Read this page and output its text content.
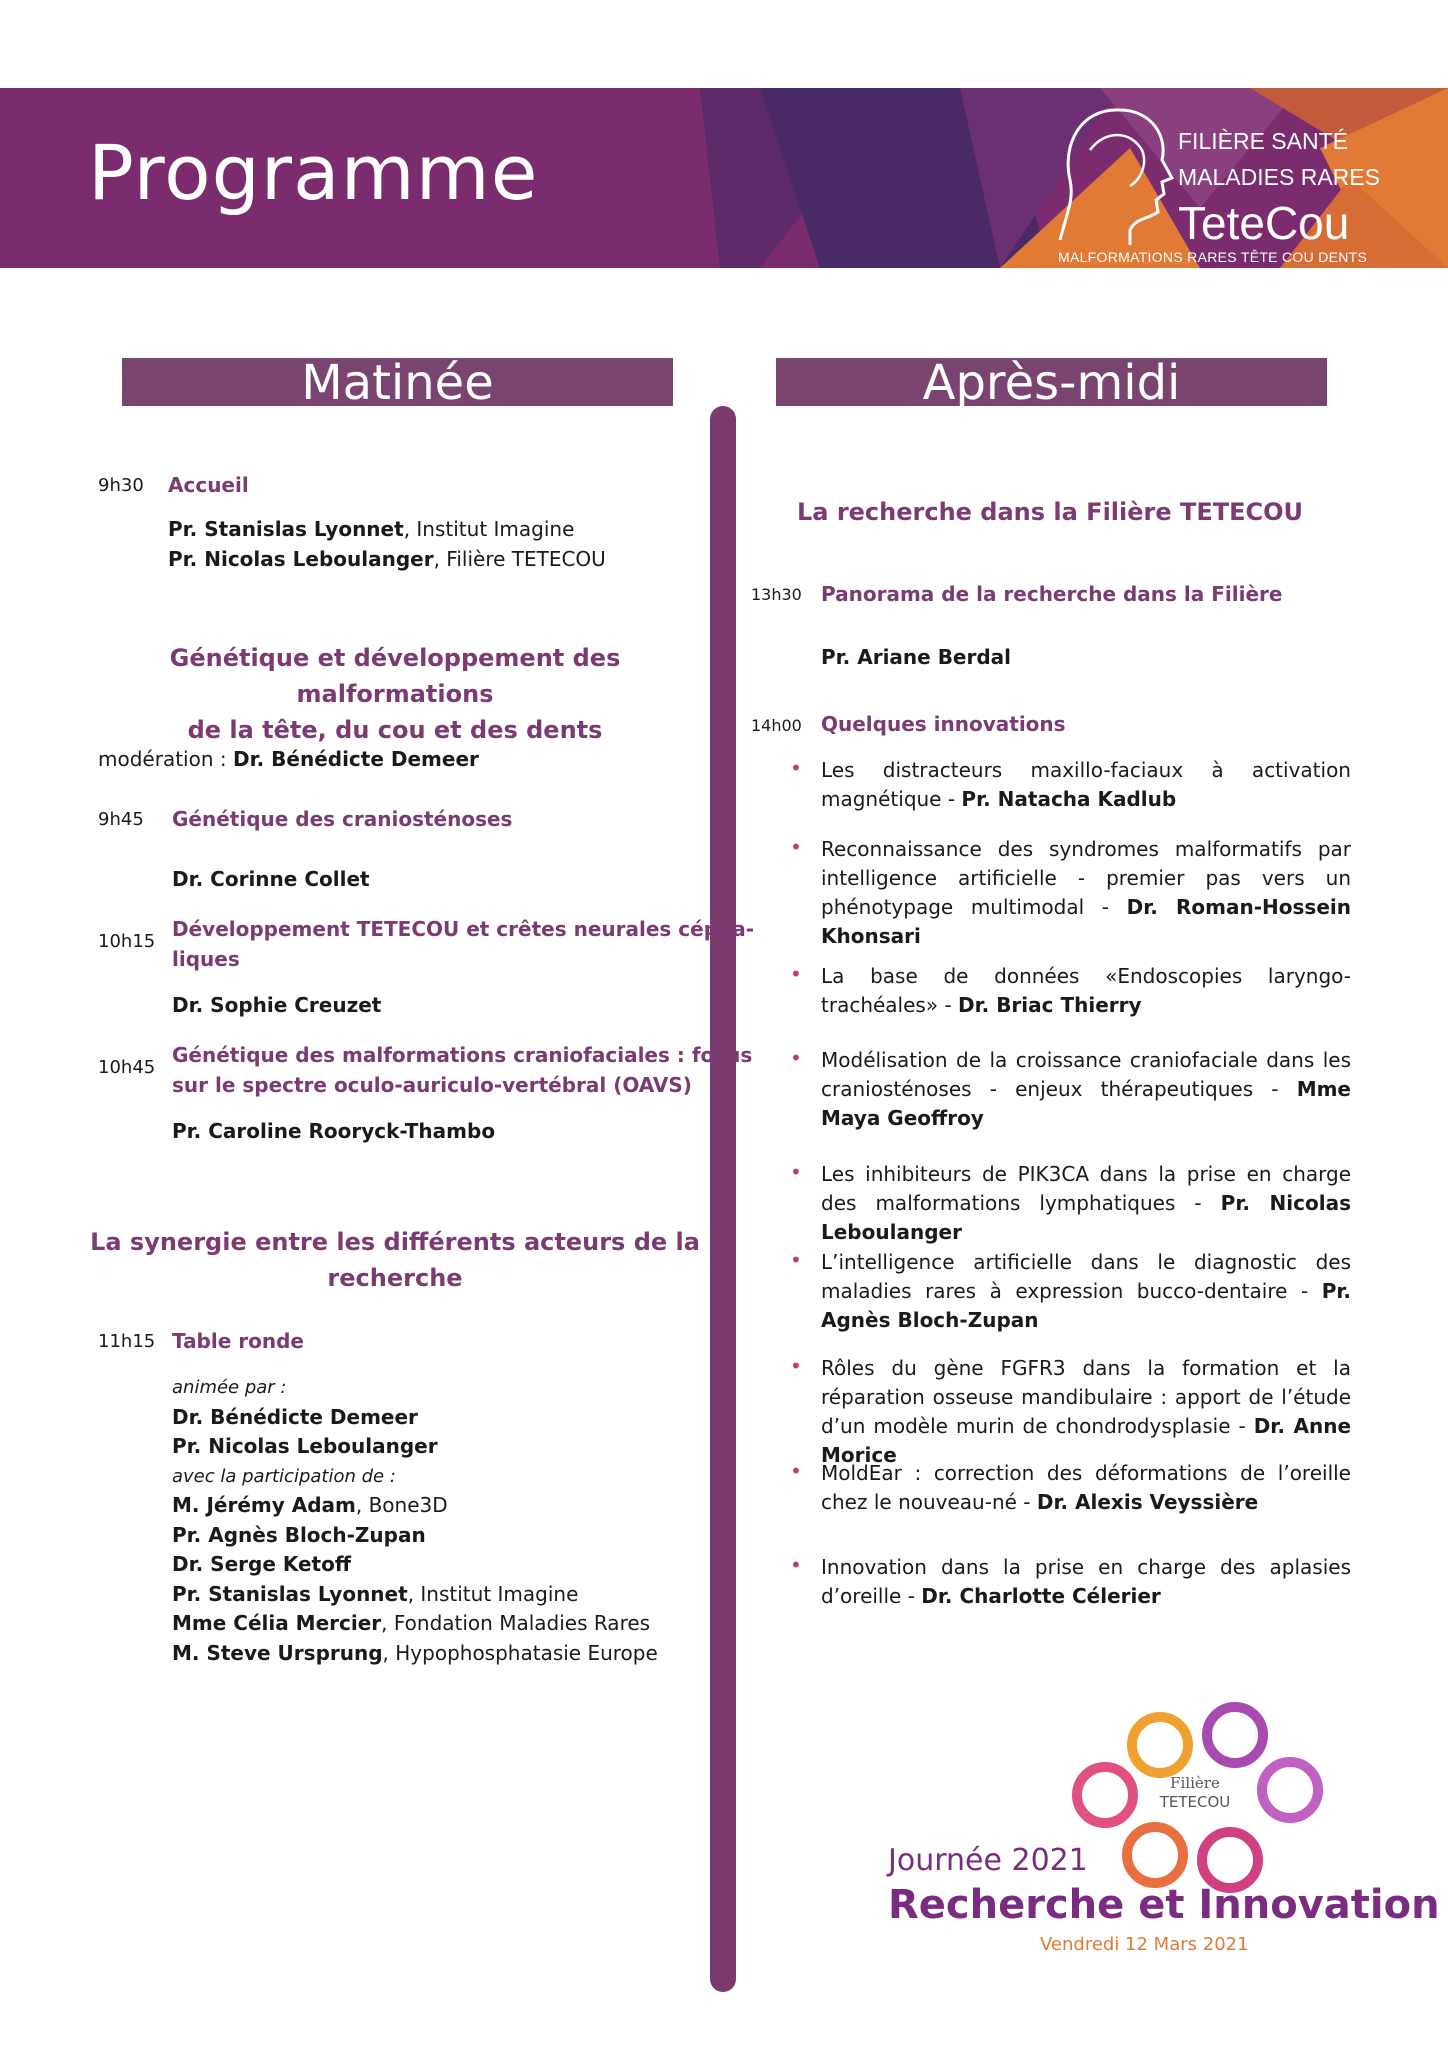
Programme	FILIÈRE SANTÉ
MALADIES RARES
TeteCou
MALFORMATIONS RARES TÊTE COU DENTS
Matinée	Après-midi
9h30 Accueil
Pr. Stanislas Lyonnet, Institut Imagine
Pr. Nicolas Leboulanger, Filière TETECOU
Génétique et développement des malformations
de la tête, du cou et des dents
modération : Dr. Bénédicte Demeer
9h45 Génétique des craniosténoses
Dr. Corinne Collet
10h15
Développement TETECOU et crêtes neurales cépha-
liques
Dr. Sophie Creuzet
10h45
Génétique des malformations craniofaciales : focus
sur le spectre oculo-auriculo-vertébral (OAVS)
Pr. Caroline Rooryck-Thambo
La synergie entre les différents acteurs de la
recherche
11h15 Table ronde
animée par :
Dr. Bénédicte Demeer
Pr. Nicolas Leboulanger
avec la participation de :
M. Jérémy Adam, Bone3D
Pr. Agnès Bloch-Zupan
Dr. Serge Ketoff
Pr. Stanislas Lyonnet, Institut Imagine
Mme Célia Mercier, Fondation Maladies Rares
M. Steve Ursprung, Hypophosphatasie Europe
La recherche dans la Filière TETECOU
13h30 Panorama de la recherche dans la Filière
Pr. Ariane Berdal
14h00 Quelques innovations
• Les distracteurs maxillo-faciaux à activation magnétique - Pr. Natacha Kadlub
• Reconnaissance des syndromes malformatifs par intelligence artificielle - premier pas vers un phénotypage multimodal - Dr. Roman-Hossein Khonsari
• La base de données «Endoscopies laryngo-trachéales» - Dr. Briac Thierry
• Modélisation de la croissance craniofaciale dans les craniosténoses - enjeux thérapeutiques - Mme Maya Geoffroy
• Les inhibiteurs de PIK3CA dans la prise en charge des malformations lymphatiques - Pr. Nicolas Leboulanger
• L’intelligence artificielle dans le diagnostic des maladies rares à expression bucco-dentaire - Pr. Agnès Bloch-Zupan
• Rôles du gène FGFR3 dans la formation et la réparation osseuse mandibulaire : apport de l’étude d’un modèle murin de chondrodysplasie - Dr. Anne Morice
• MoldEar : correction des déformations de l’oreille chez le nouveau-né - Dr. Alexis Veyssière
• Innovation dans la prise en charge des aplasies d’oreille - Dr. Charlotte Célerier
Filière
TETECOU
Journée 2021
Recherche et Innovation
Vendredi 12 Mars 2021
